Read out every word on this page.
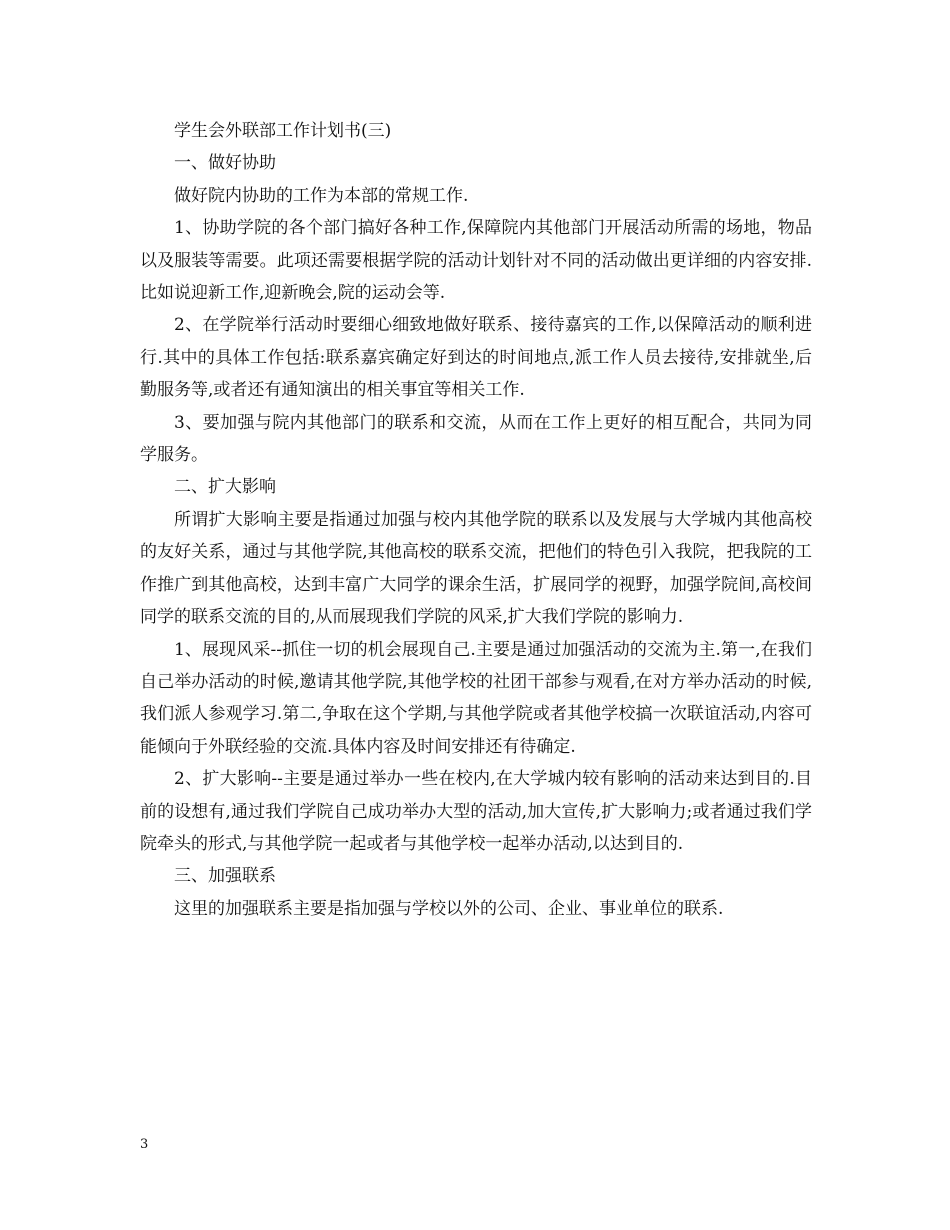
学生会外联部工作计划书(三)

一、做好协助

做好院内协助的工作为本部的常规工作.

1、协助学院的各个部门搞好各种工作,保障院内其他部门开展活动所需的场地，物品以及服装等需要。此项还需要根据学院的活动计划针对不同的活动做出更详细的内容安排.比如说迎新工作,迎新晚会,院的运动会等.

2、在学院举行活动时要细心细致地做好联系、接待嘉宾的工作,以保障活动的顺利进行.其中的具体工作包括:联系嘉宾确定好到达的时间地点,派工作人员去接待,安排就坐,后勤服务等,或者还有通知演出的相关事宜等相关工作.

3、要加强与院内其他部门的联系和交流，从而在工作上更好的相互配合，共同为同学服务。

二、扩大影响

所谓扩大影响主要是指通过加强与校内其他学院的联系以及发展与大学城内其他高校的友好关系，通过与其他学院,其他高校的联系交流，把他们的特色引入我院，把我院的工作推广到其他高校，达到丰富广大同学的课余生活，扩展同学的视野，加强学院间,高校间同学的联系交流的目的,从而展现我们学院的风采,扩大我们学院的影响力.

1、展现风采--抓住一切的机会展现自己.主要是通过加强活动的交流为主.第一,在我们自己举办活动的时候,邀请其他学院,其他学校的社团干部参与观看,在对方举办活动的时候,我们派人参观学习.第二,争取在这个学期,与其他学院或者其他学校搞一次联谊活动,内容可能倾向于外联经验的交流.具体内容及时间安排还有待确定.

2、扩大影响--主要是通过举办一些在校内,在大学城内较有影响的活动来达到目的.目前的设想有,通过我们学院自己成功举办大型的活动,加大宣传,扩大影响力;或者通过我们学院牵头的形式,与其他学院一起或者与其他学校一起举办活动,以达到目的.

三、加强联系

这里的加强联系主要是指加强与学校以外的公司、企业、事业单位的联系.

3
